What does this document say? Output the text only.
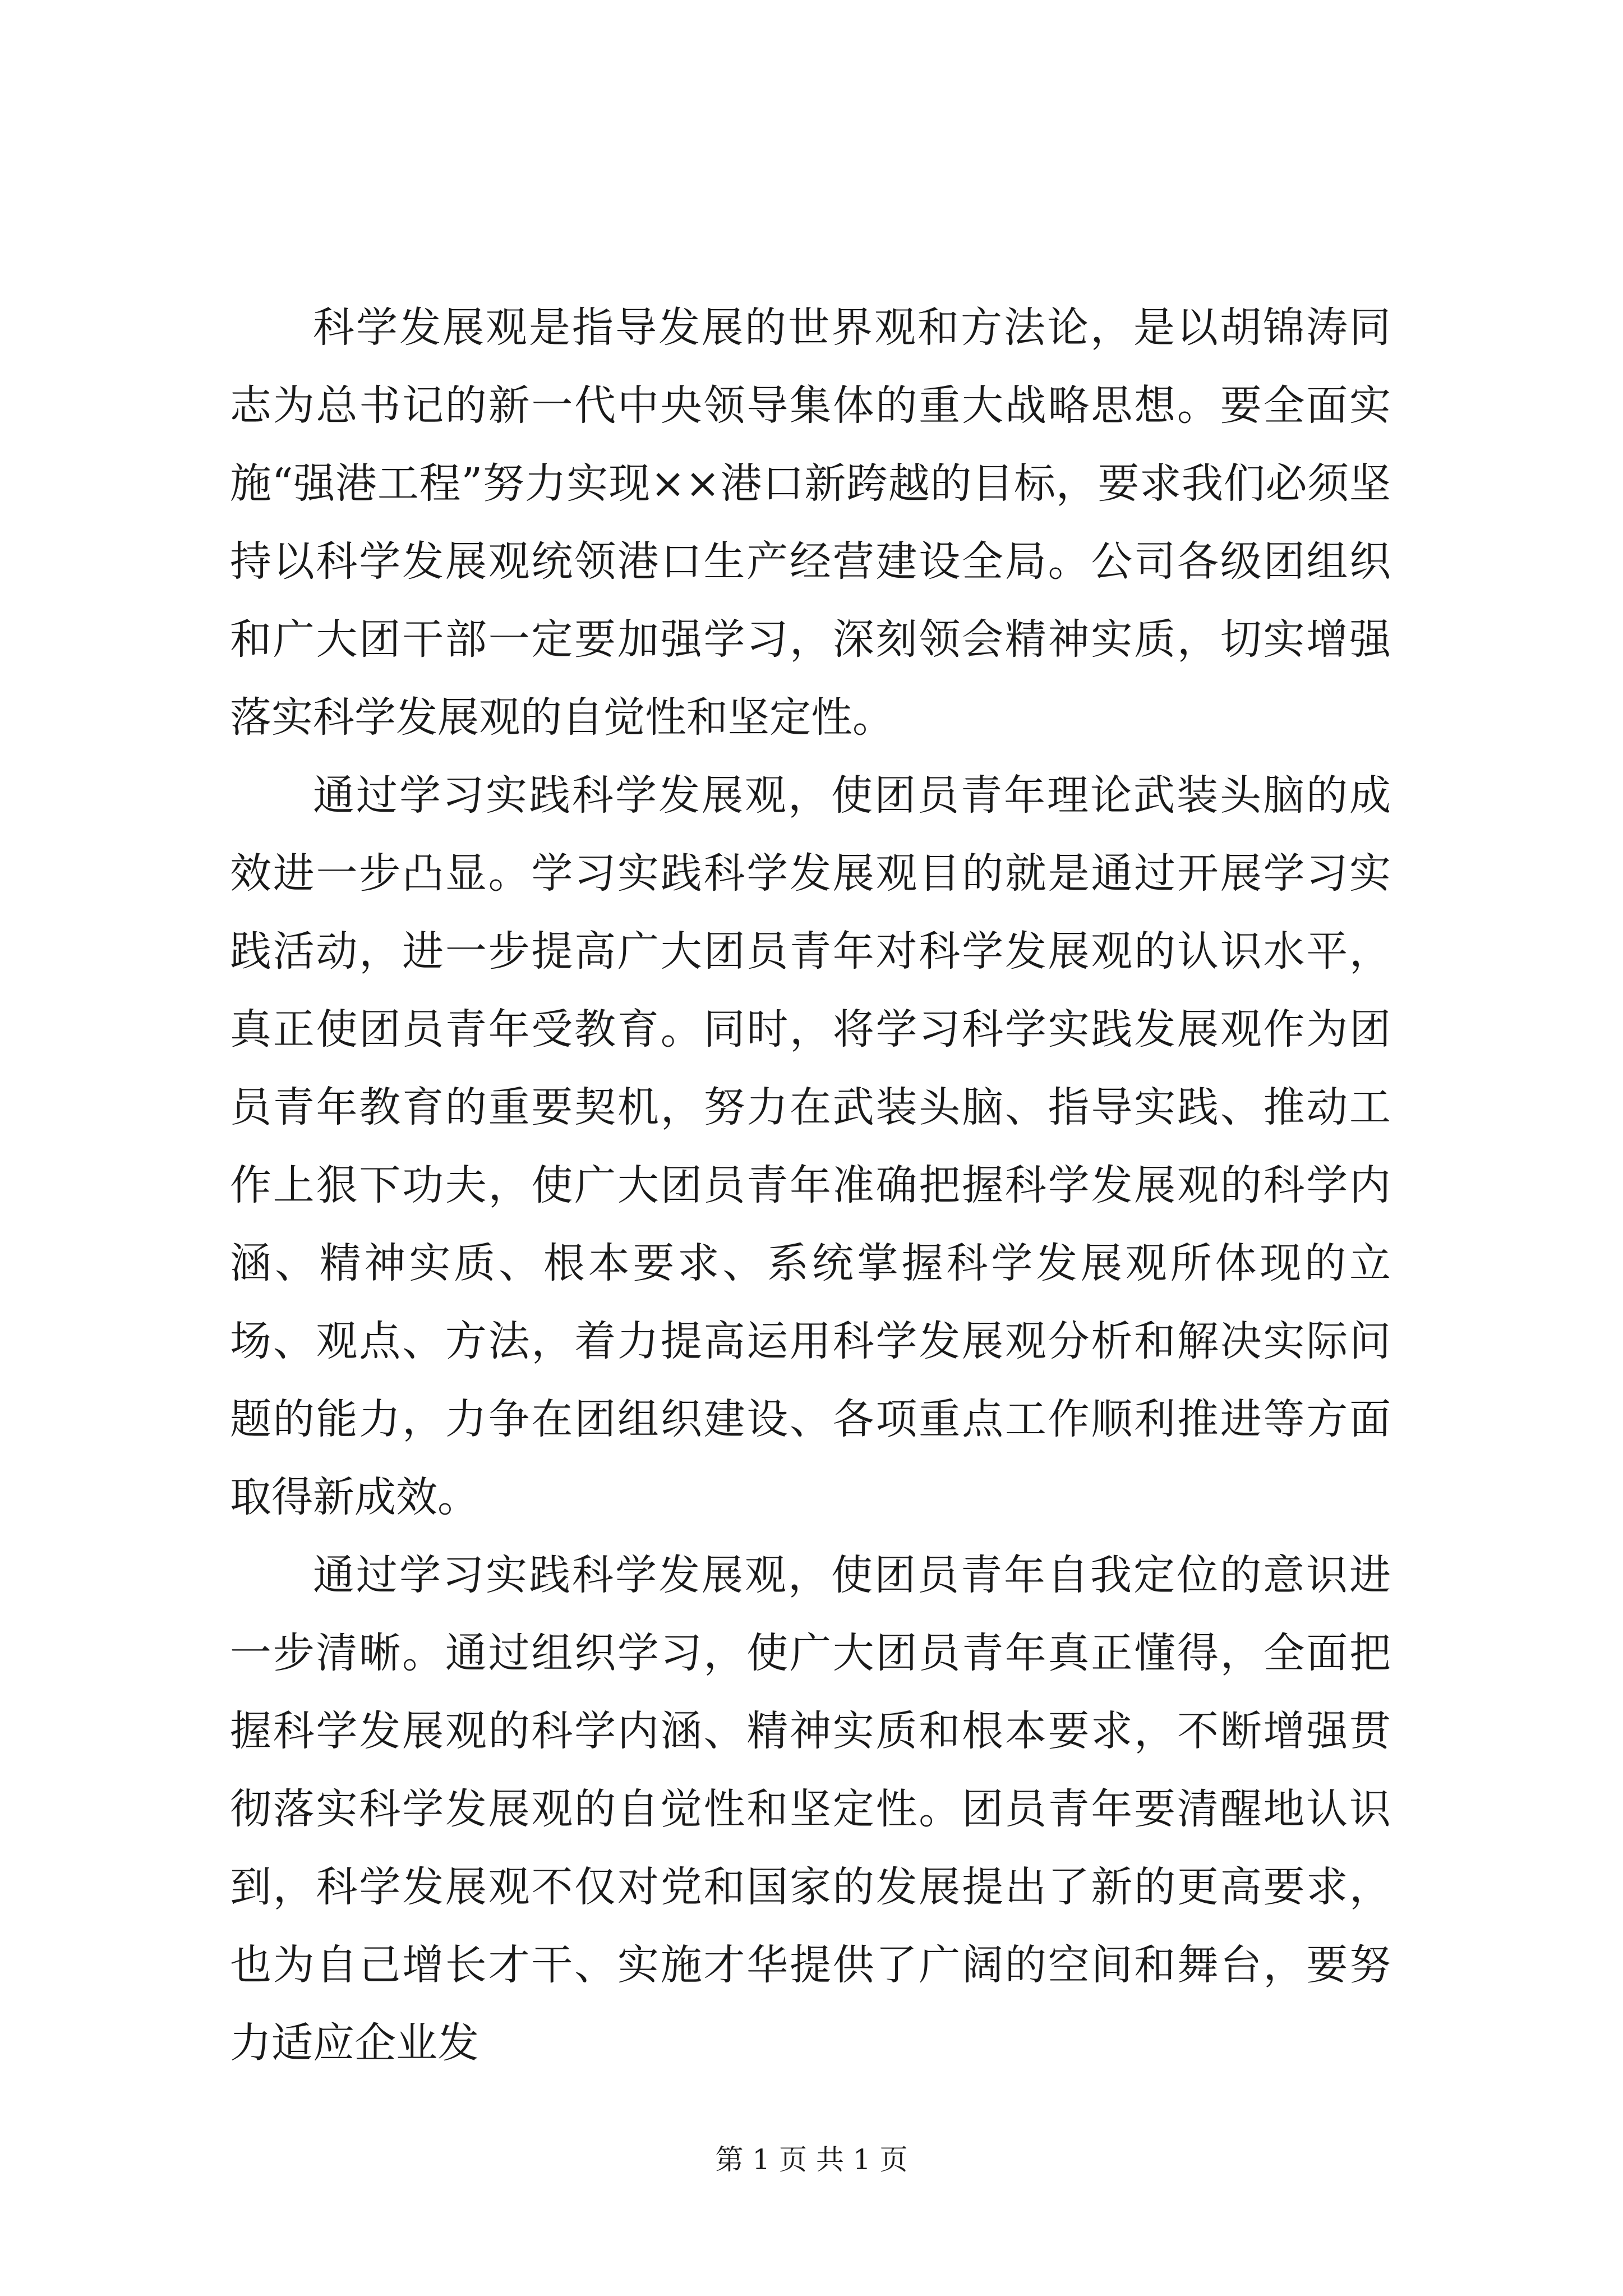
科学发展观是指导发展的世界观和方法论，是以胡锦涛同志为总书记的新一代中央领导集体的重大战略思想。要全面实施“强港工程”努力实现××港口新跨越的目标，要求我们必须坚持以科学发展观统领港口生产经营建设全局。公司各级团组织和广大团干部一定要加强学习，深刻领会精神实质，切实增强落实科学发展观的自觉性和坚定性。

通过学习实践科学发展观，使团员青年理论武装头脑的成效进一步凸显。学习实践科学发展观目的就是通过开展学习实践活动，进一步提高广大团员青年对科学发展观的认识水平，真正使团员青年受教育。同时，将学习科学实践发展观作为团员青年教育的重要契机，努力在武装头脑、指导实践、推动工作上狠下功夫，使广大团员青年准确把握科学发展观的科学内涵、精神实质、根本要求、系统掌握科学发展观所体现的立场、观点、方法，着力提高运用科学发展观分析和解决实际问题的能力，力争在团组织建设、各项重点工作顺利推进等方面取得新成效。

通过学习实践科学发展观，使团员青年自我定位的意识进一步清晰。通过组织学习，使广大团员青年真正懂得，全面把握科学发展观的科学内涵、精神实质和根本要求，不断增强贯彻落实科学发展观的自觉性和坚定性。团员青年要清醒地认识到，科学发展观不仅对党和国家的发展提出了新的更高要求，也为自己增长才干、实施才华提供了广阔的空间和舞台，要努力适应企业发

第 1 页 共 1 页
